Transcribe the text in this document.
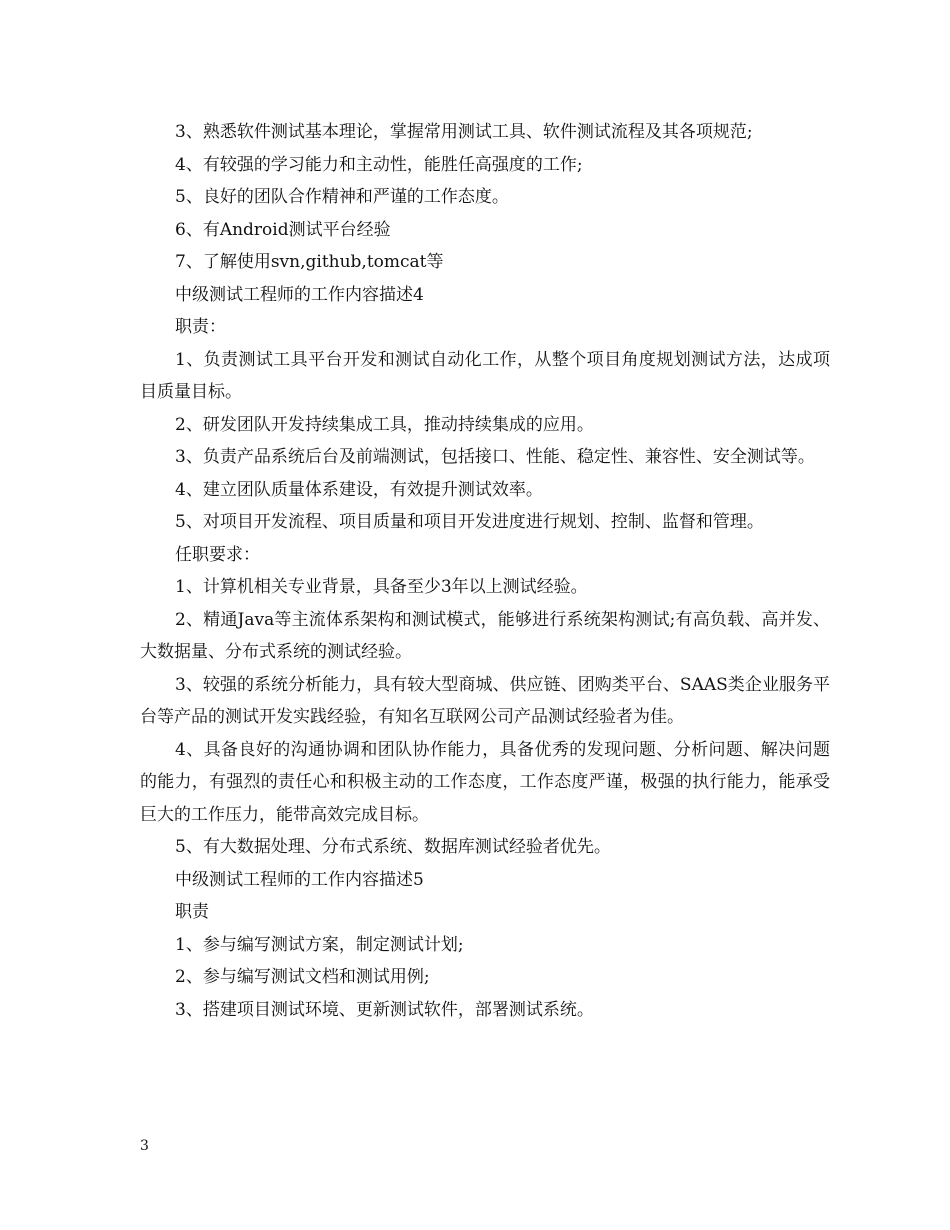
3、熟悉软件测试基本理论，掌握常用测试工具、软件测试流程及其各项规范;

4、有较强的学习能力和主动性，能胜任高强度的工作;

5、良好的团队合作精神和严谨的工作态度。

6、有Android测试平台经验

7、了解使用svn,github,tomcat等

中级测试工程师的工作内容描述4

职责：

1、负责测试工具平台开发和测试自动化工作，从整个项目角度规划测试方法，达成项目质量目标。

2、研发团队开发持续集成工具，推动持续集成的应用。

3、负责产品系统后台及前端测试，包括接口、性能、稳定性、兼容性、安全测试等。

4、建立团队质量体系建设，有效提升测试效率。

5、对项目开发流程、项目质量和项目开发进度进行规划、控制、监督和管理。

任职要求：

1、计算机相关专业背景，具备至少3年以上测试经验。

2、精通Java等主流体系架构和测试模式，能够进行系统架构测试;有高负载、高并发、大数据量、分布式系统的测试经验。

3、较强的系统分析能力，具有较大型商城、供应链、团购类平台、SAAS类企业服务平台等产品的测试开发实践经验，有知名互联网公司产品测试经验者为佳。

4、具备良好的沟通协调和团队协作能力，具备优秀的发现问题、分析问题、解决问题的能力，有强烈的责任心和积极主动的工作态度，工作态度严谨，极强的执行能力，能承受巨大的工作压力，能带高效完成目标。

5、有大数据处理、分布式系统、数据库测试经验者优先。

中级测试工程师的工作内容描述5

职责

1、参与编写测试方案，制定测试计划;

2、参与编写测试文档和测试用例;

3、搭建项目测试环境、更新测试软件，部署测试系统。

3
